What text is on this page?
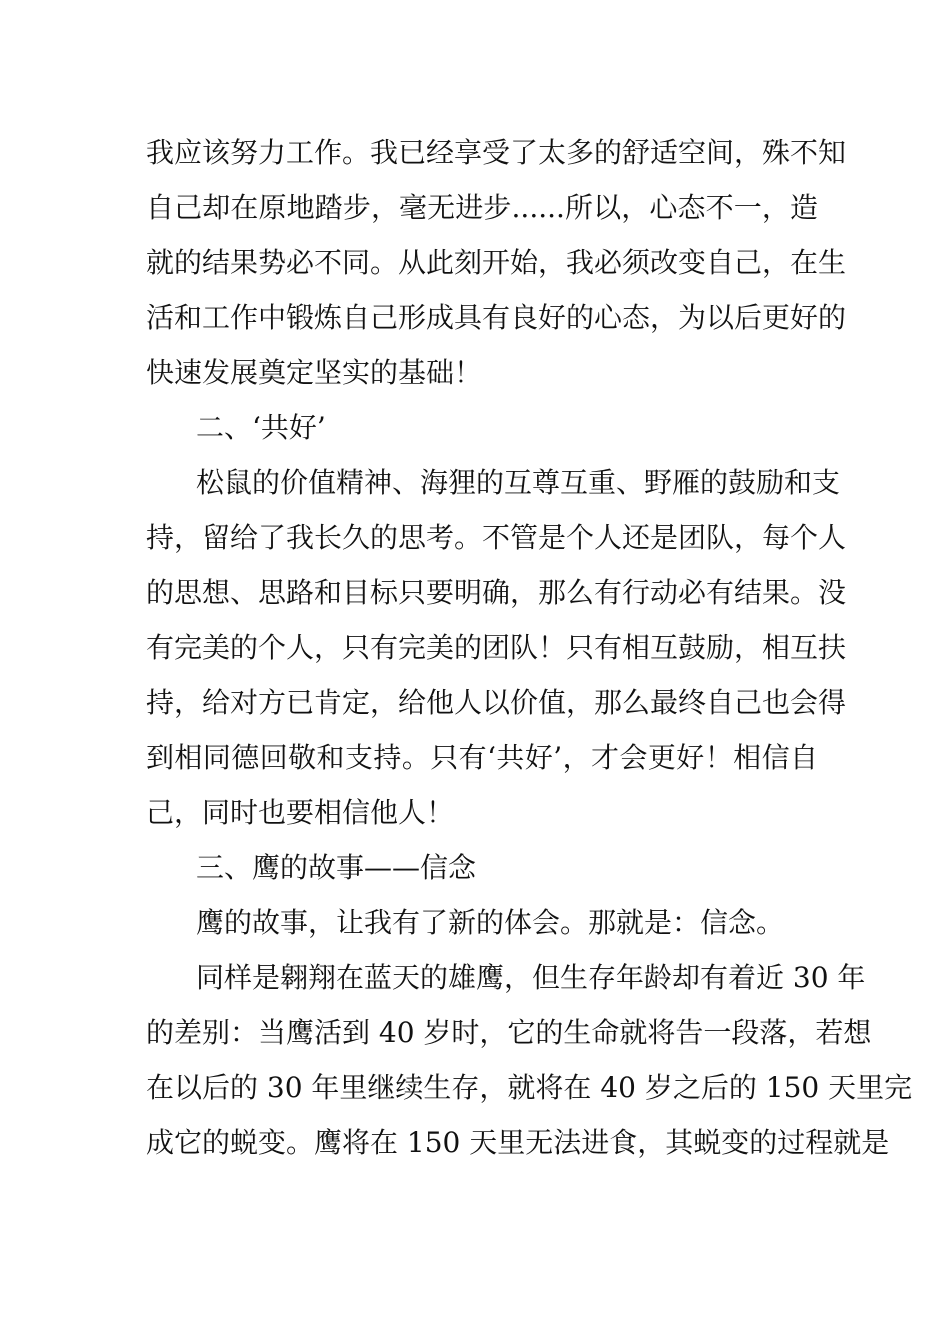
我应该努力工作。我已经享受了太多的舒适空间，殊不知
自己却在原地踏步，毫无进步......所以，心态不一，造
就的结果势必不同。从此刻开始，我必须改变自己，在生
活和工作中锻炼自己形成具有良好的心态，为以后更好的
快速发展奠定坚实的基础！
二、‘共好’
松鼠的价值精神、海狸的互尊互重、野雁的鼓励和支
持，留给了我长久的思考。不管是个人还是团队，每个人
的思想、思路和目标只要明确，那么有行动必有结果。没
有完美的个人，只有完美的团队！只有相互鼓励，相互扶
持，给对方已肯定，给他人以价值，那么最终自己也会得
到相同德回敬和支持。只有‘共好’，才会更好！相信自
己，同时也要相信他人！
三、鹰的故事——信念
鹰的故事，让我有了新的体会。那就是：信念。
同样是翱翔在蓝天的雄鹰，但生存年龄却有着近 30 年
的差别：当鹰活到 40 岁时，它的生命就将告一段落，若想
在以后的 30 年里继续生存，就将在 40 岁之后的 150 天里完
成它的蜕变。鹰将在 150 天里无法进食，其蜕变的过程就是
